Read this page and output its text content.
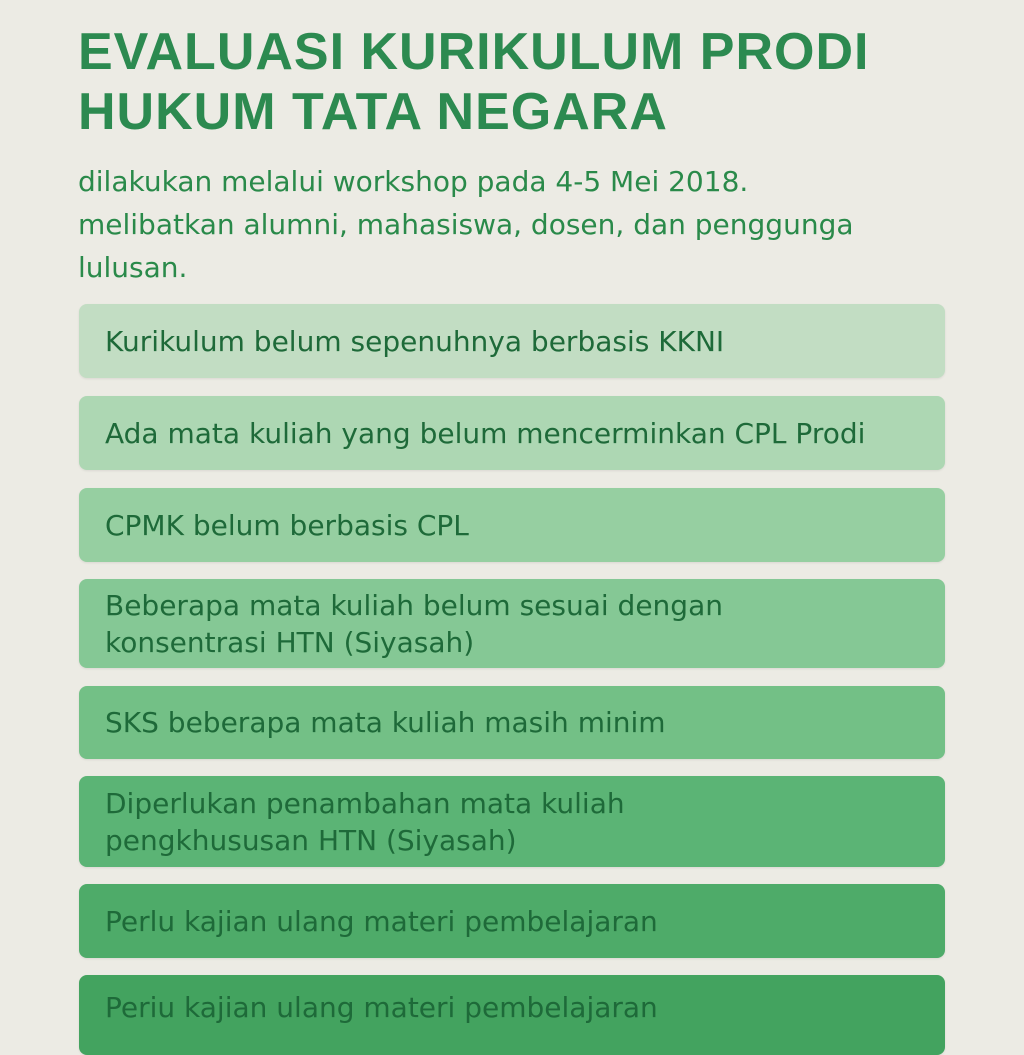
EVALUASI KURIKULUM PRODI
HUKUM TATA NEGARA
dilakukan melalui workshop pada 4-5 Mei 2018.
melibatkan alumni, mahasiswa, dosen, dan penggunga
lulusan.
Kurikulum belum sepenuhnya berbasis KKNI
Ada mata kuliah yang belum mencerminkan CPL Prodi
CPMK belum berbasis CPL
Beberapa mata kuliah belum sesuai dengan
konsentrasi HTN (Siyasah)
SKS beberapa mata kuliah masih minim
Diperlukan penambahan mata kuliah
pengkhususan HTN (Siyasah)
Perlu kajian ulang materi pembelajaran
Periu kajian ulang materi pembelajaran
